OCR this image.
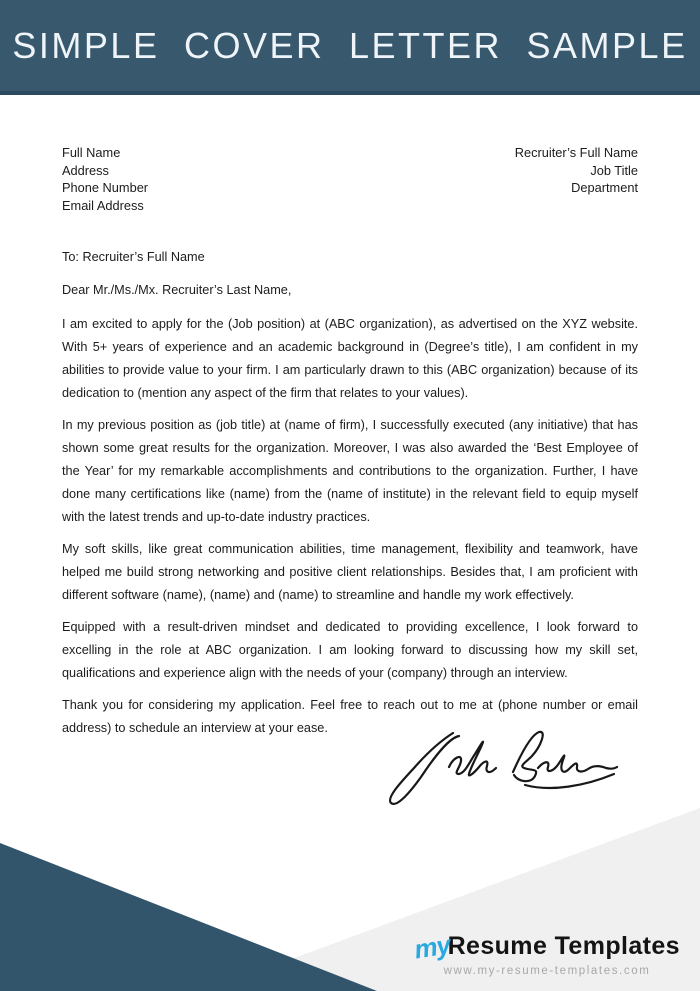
SIMPLE COVER LETTER SAMPLE
Full Name
Address
Phone Number
Email Address
Recruiter’s Full Name
Job Title
Department

To: Recruiter’s Full Name

Dear Mr./Ms./Mx. Recruiter’s Last Name,

I am excited to apply for the (Job position) at (ABC organization), as advertised on the XYZ website. With 5+ years of experience and an academic background in (Degree’s title), I am confident in my abilities to provide value to your firm. I am particularly drawn to this (ABC organization) because of its dedication to (mention any aspect of the firm that relates to your values).

In my previous position as (job title) at (name of firm), I successfully executed (any initiative) that has shown some great results for the organization. Moreover, I was also awarded the ‘Best Employee of the Year’ for my remarkable accomplishments and contributions to the organization. Further, I have done many certifications like (name) from the (name of institute) in the relevant field to equip myself with the latest trends and up-to-date industry practices.

My soft skills, like great communication abilities, time management, flexibility and teamwork, have helped me build strong networking and positive client relationships. Besides that, I am proficient with different software (name), (name) and (name) to streamline and handle my work effectively.

Equipped with a result-driven mindset and dedicated to providing excellence, I look forward to excelling in the role at ABC organization. I am looking forward to discussing how my skill set, qualifications and experience align with the needs of your (company) through an interview.

Thank you for considering my application. Feel free to reach out to me at (phone number or email address) to schedule an interview at your ease.

myResume Templates
www.my-resume-templates.com
